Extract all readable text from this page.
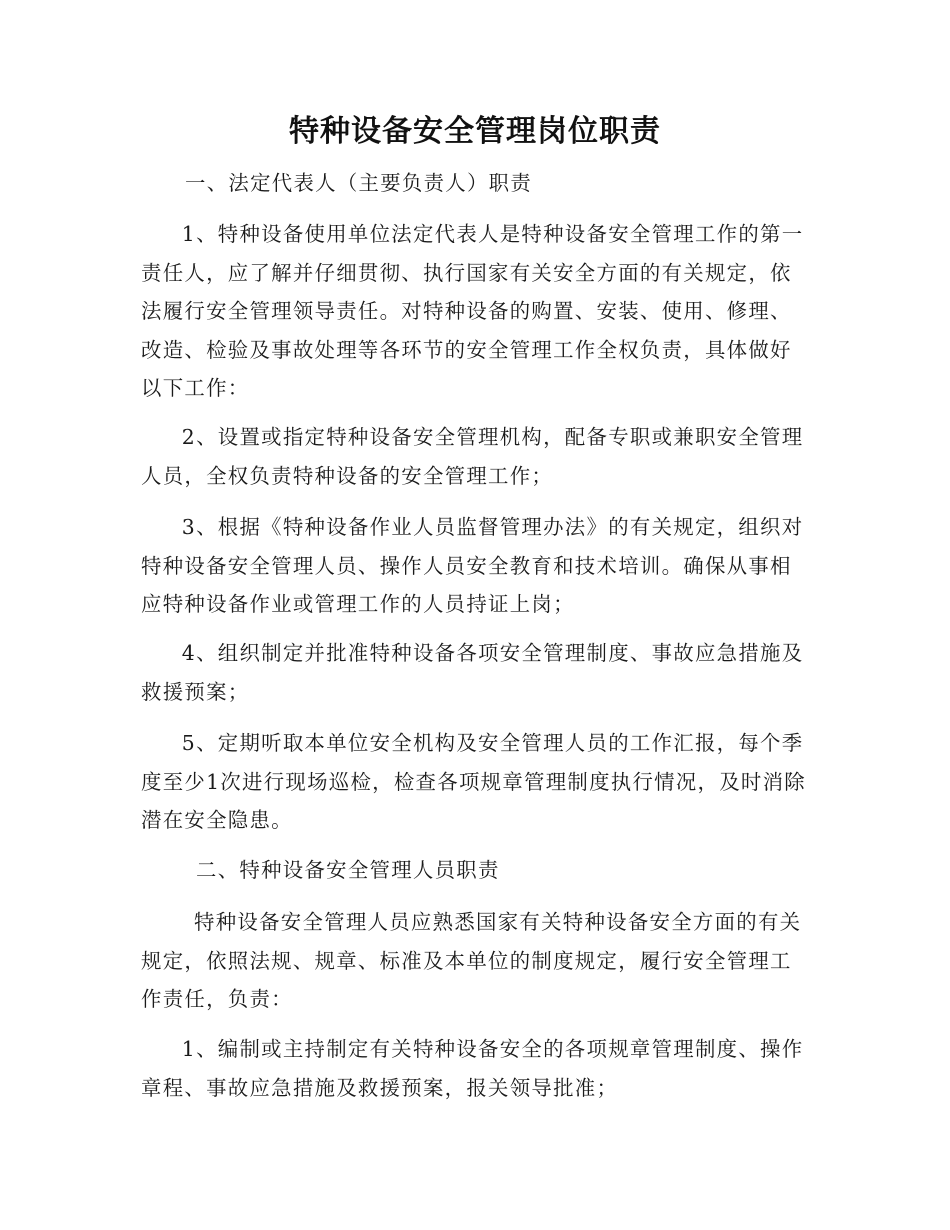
特种设备安全管理岗位职责
一、法定代表人（主要负责人）职责
1、特种设备使用单位法定代表人是特种设备安全管理工作的第一责任人，应了解并仔细贯彻、执行国家有关安全方面的有关规定，依法履行安全管理领导责任。对特种设备的购置、安装、使用、修理、改造、检验及事故处理等各环节的安全管理工作全权负责，具体做好以下工作：
2、设置或指定特种设备安全管理机构，配备专职或兼职安全管理人员，全权负责特种设备的安全管理工作；
3、根据《特种设备作业人员监督管理办法》的有关规定，组织对特种设备安全管理人员、操作人员安全教育和技术培训。确保从事相应特种设备作业或管理工作的人员持证上岗；
4、组织制定并批准特种设备各项安全管理制度、事故应急措施及救援预案；
5、定期听取本单位安全机构及安全管理人员的工作汇报，每个季度至少1次进行现场巡检，检查各项规章管理制度执行情况，及时消除潜在安全隐患。
二、特种设备安全管理人员职责
特种设备安全管理人员应熟悉国家有关特种设备安全方面的有关规定，依照法规、规章、标准及本单位的制度规定，履行安全管理工作责任，负责：
1、编制或主持制定有关特种设备安全的各项规章管理制度、操作章程、事故应急措施及救援预案，报关领导批准；
